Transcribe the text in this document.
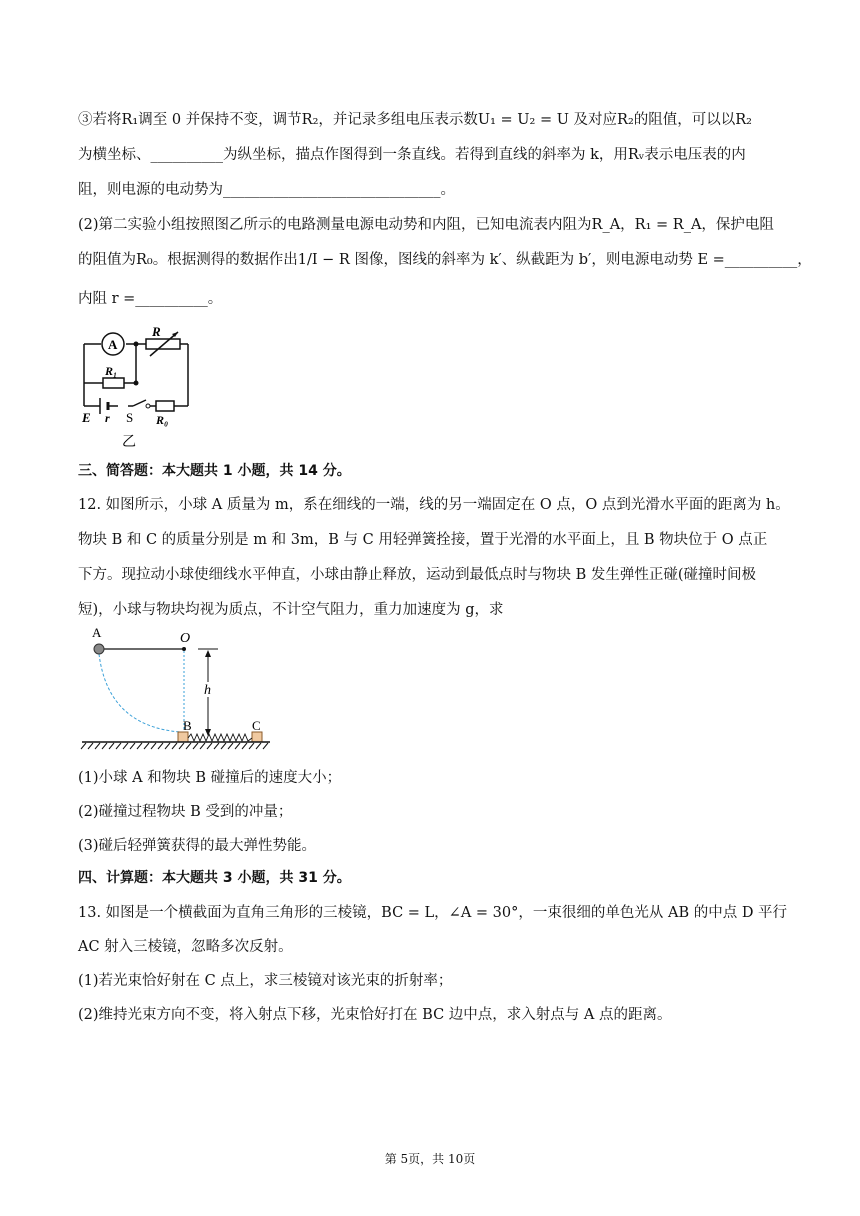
③若将R₁调至 0 并保持不变，调节R₂，并记录多组电压表示数U₁ = U₂ = U 及对应R₂的阻值，可以以R₂
为横坐标、__________为纵坐标，描点作图得到一条直线。若得到直线的斜率为 k，用Rᵥ表示电压表的内
阻，则电源的电动势为______________________________。
(2)第二实验小组按照图乙所示的电路测量电源电动势和内阻，已知电流表内阻为R_A，R₁ = R_A，保护电阻
的阻值为R₀。根据测得的数据作出1/I − R 图像，图线的斜率为 k′、纵截距为 b′，则电源电动势 E =__________，
内阻 r =__________。
A
R
R₁
E r S R₀
乙
三、简答题：本大题共 1 小题，共 14 分。
12. 如图所示，小球 A 质量为 m，系在细线的一端，线的另一端固定在 O 点，O 点到光滑水平面的距离为 h。
物块 B 和 C 的质量分别是 m 和 3m，B 与 C 用轻弹簧拴接，置于光滑的水平面上，且 B 物块位于 O 点正
下方。现拉动小球使细线水平伸直，小球由静止释放，运动到最低点时与物块 B 发生弹性正碰(碰撞时间极
短)，小球与物块均视为质点，不计空气阻力，重力加速度为 g，求
A	O
h
B	C
(1)小球 A 和物块 B 碰撞后的速度大小；
(2)碰撞过程物块 B 受到的冲量；
(3)碰后轻弹簧获得的最大弹性势能。
四、计算题：本大题共 3 小题，共 31 分。
13. 如图是一个横截面为直角三角形的三棱镜，BC = L，∠A = 30°，一束很细的单色光从 AB 的中点 D 平行
AC 射入三棱镜，忽略多次反射。
(1)若光束恰好射在 C 点上，求三棱镜对该光束的折射率；
(2)维持光束方向不变，将入射点下移，光束恰好打在 BC 边中点，求入射点与 A 点的距离。
第 5页，共 10页
